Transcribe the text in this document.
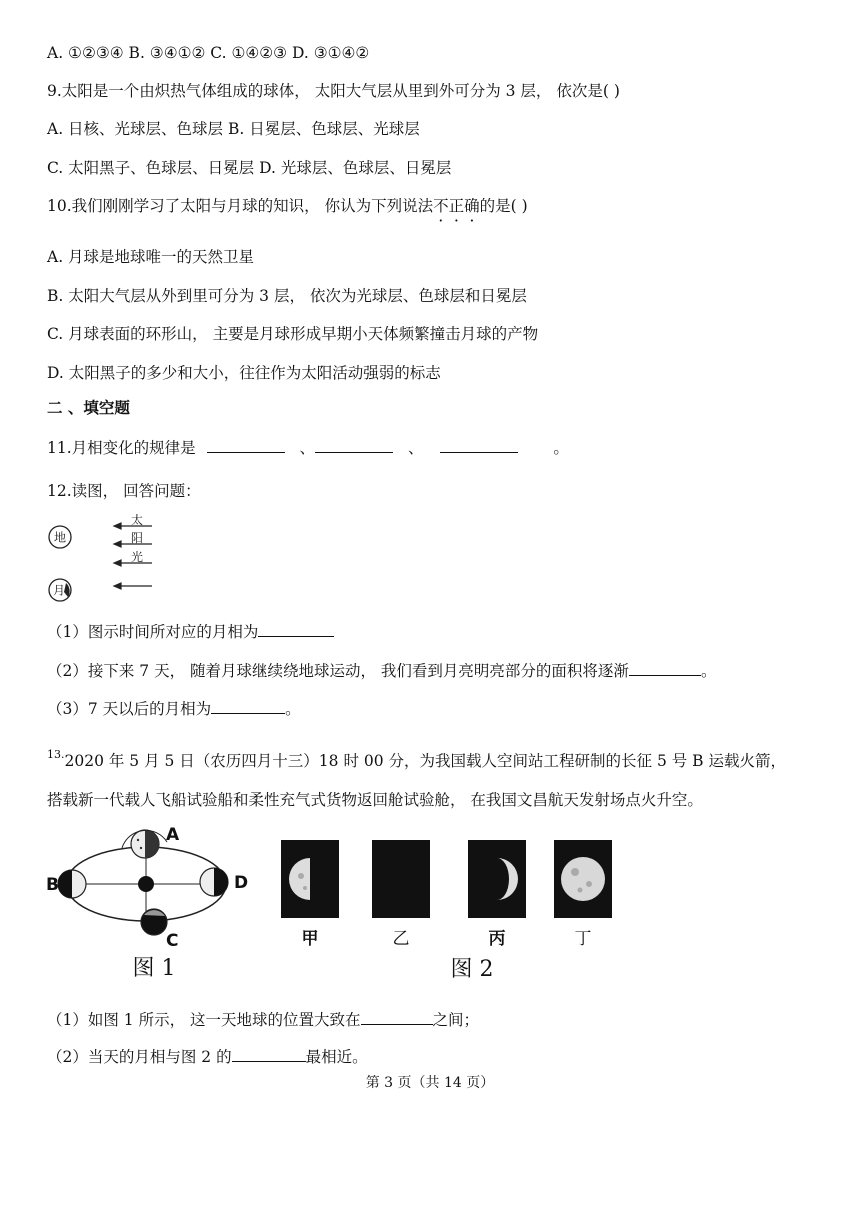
A. ①②③④ B. ③④①② C. ①④②③ D. ③①④②
9.太阳是一个由炽热气体组成的球体， 太阳大气层从里到外可分为 3 层， 依次是( )
A. 日核、光球层、色球层 B. 日冕层、色球层、光球层
C. 太阳黑子、色球层、日冕层 D. 光球层、色球层、日冕层
10.我们刚刚学习了太阳与月球的知识， 你认为下列说法不正确的是( )
A. 月球是地球唯一的天然卫星
B. 太阳大气层从外到里可分为 3 层， 依次为光球层、色球层和日冕层
C. 月球表面的环形山， 主要是月球形成早期小天体频繁撞击月球的产物
D. 太阳黑子的多少和大小，往往作为太阳活动强弱的标志
二 、填空题
11.月相变化的规律是	、	、	。
12.读图， 回答问题：
地
月
太
阳
光
（1）图示时间所对应的月相为
（2）接下来 7 天， 随着月球继续绕地球运动， 我们看到月亮明亮部分的面积将逐渐	。
（3）7 天以后的月相为	。
$^{13.}$2020 年 5 月 5 日（农历四月十三）18 时 00 分，为我国载人空间站工程研制的长征 5 号 B 运载火箭，
搭载新一代载人飞船试验船和柔性充气式货物返回舱试验舱， 在我国文昌航天发射场点火升空。
A
B
C
D
图 1
甲	乙	丙	丁
图 2
（1）如图 1 所示， 这一天地球的位置大致在	之间；
（2）当天的月相与图 2 的	最相近。
第 3 页（共 14 页）
